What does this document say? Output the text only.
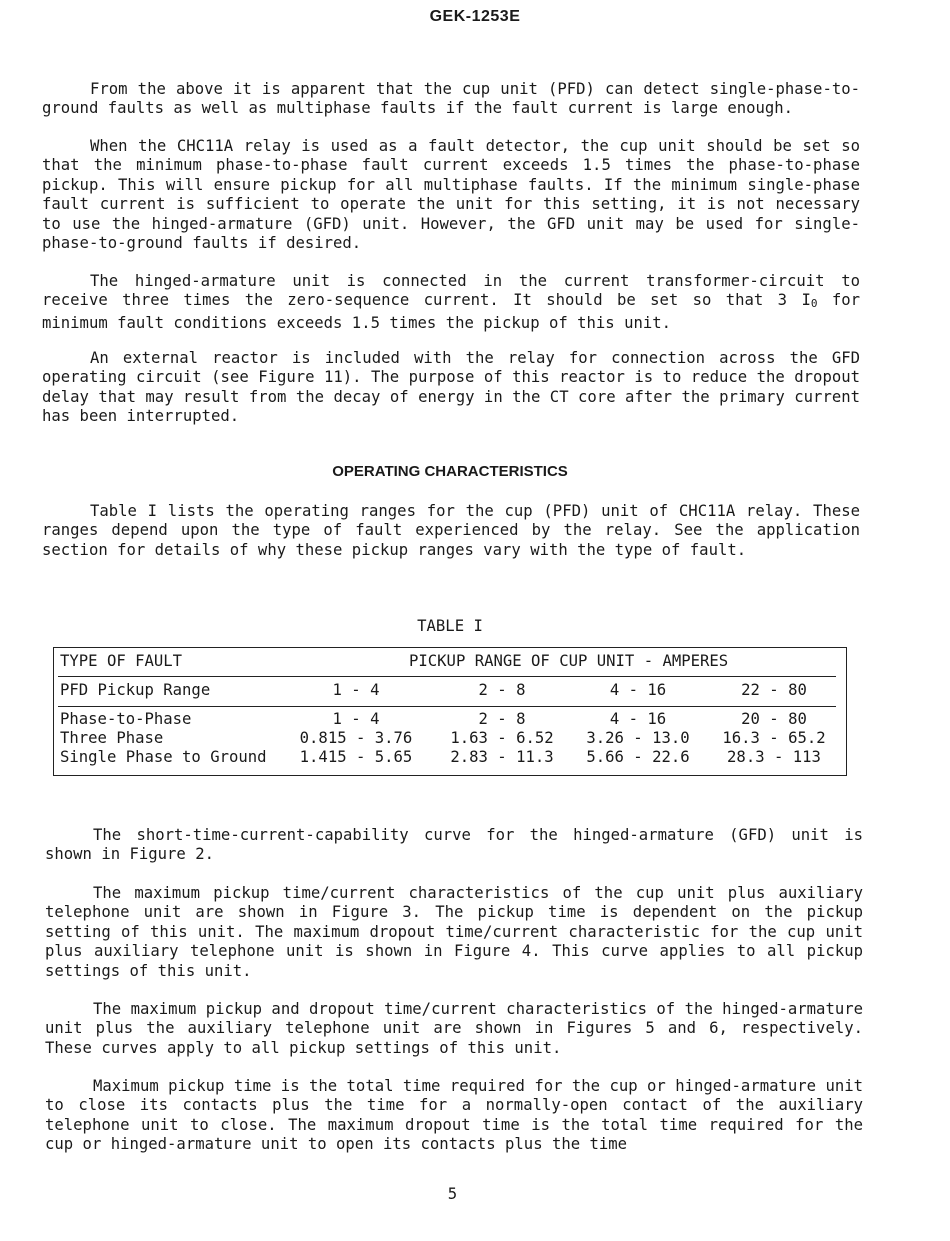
GEK-1253E

From the above it is apparent that the cup unit (PFD) can detect single-phase-to-ground faults as well as multiphase faults if the fault current is large enough.

When the CHC11A relay is used as a fault detector, the cup unit should be set so that the minimum phase-to-phase fault current exceeds 1.5 times the phase-to-phase pickup. This will ensure pickup for all multiphase faults. If the minimum single-phase fault current is sufficient to operate the unit for this setting, it is not necessary to use the hinged-armature (GFD) unit. However, the GFD unit may be used for single-phase-to-ground faults if desired.

The hinged-armature unit is connected in the current transformer-circuit to receive three times the zero-sequence current. It should be set so that 3 I0 for minimum fault conditions exceeds 1.5 times the pickup of this unit.

An external reactor is included with the relay for connection across the GFD operating circuit (see Figure 11). The purpose of this reactor is to reduce the dropout delay that may result from the decay of energy in the CT core after the primary current has been interrupted.

OPERATING CHARACTERISTICS

Table I lists the operating ranges for the cup (PFD) unit of CHC11A relay. These ranges depend upon the type of fault experienced by the relay. See the application section for details of why these pickup ranges vary with the type of fault.

TABLE I
TYPE OF FAULT	PICKUP RANGE OF CUP UNIT - AMPERES
PFD Pickup Range	1 - 4	2 - 8	4 - 16	22 - 80
Phase-to-Phase	1 - 4	2 - 8	4 - 16	20 - 80
Three Phase	0.815 - 3.76	1.63 - 6.52	3.26 - 13.0	16.3 - 65.2
Single Phase to Ground	1.415 - 5.65	2.83 - 11.3	5.66 - 22.6	28.3 - 113

The short-time-current-capability curve for the hinged-armature (GFD) unit is shown in Figure 2.

The maximum pickup time/current characteristics of the cup unit plus auxiliary telephone unit are shown in Figure 3. The pickup time is dependent on the pickup setting of this unit. The maximum dropout time/current characteristic for the cup unit plus auxiliary telephone unit is shown in Figure 4. This curve applies to all pickup settings of this unit.

The maximum pickup and dropout time/current characteristics of the hinged-armature unit plus the auxiliary telephone unit are shown in Figures 5 and 6, respectively. These curves apply to all pickup settings of this unit.

Maximum pickup time is the total time required for the cup or hinged-armature unit to close its contacts plus the time for a normally-open contact of the auxiliary telephone unit to close. The maximum dropout time is the total time required for the cup or hinged-armature unit to open its contacts plus the time

5
